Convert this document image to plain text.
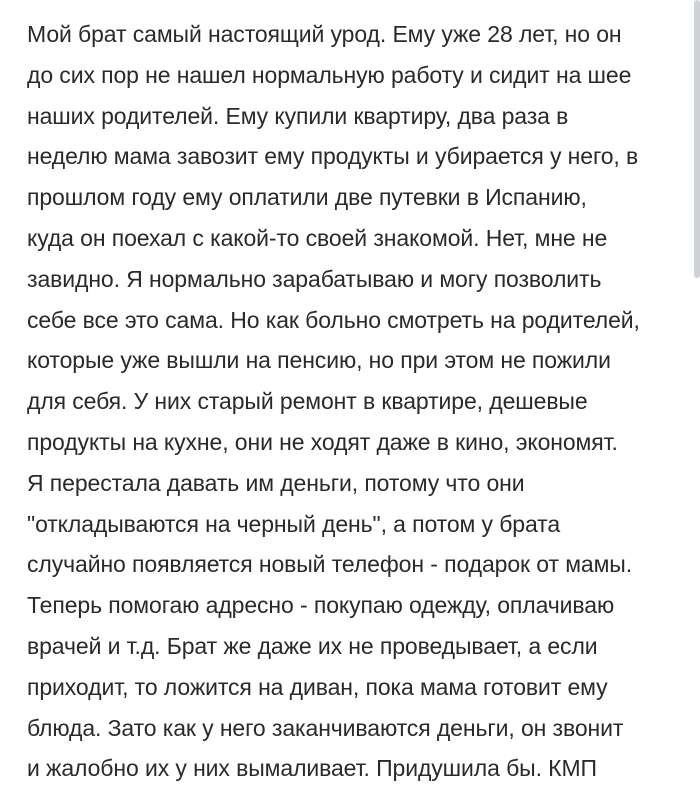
Мой брат самый настоящий урод. Ему уже 28 лет, но он
до сих пор не нашел нормальную работу и сидит на шее
наших родителей. Ему купили квартиру, два раза в
неделю мама завозит ему продукты и убирается у него, в
прошлом году ему оплатили две путевки в Испанию,
куда он поехал с какой-то своей знакомой. Нет, мне не
завидно. Я нормально зарабатываю и могу позволить
себе все это сама. Но как больно смотреть на родителей,
которые уже вышли на пенсию, но при этом не пожили
для себя. У них старый ремонт в квартире, дешевые
продукты на кухне, они не ходят даже в кино, экономят.
Я перестала давать им деньги, потому что они
"откладываются на черный день", а потом у брата
случайно появляется новый телефон - подарок от мамы.
Теперь помогаю адресно - покупаю одежду, оплачиваю
врачей и т.д. Брат же даже их не проведывает, а если
приходит, то ложится на диван, пока мама готовит ему
блюда. Зато как у него заканчиваются деньги, он звонит
и жалобно их у них вымаливает. Придушила бы. КМП
